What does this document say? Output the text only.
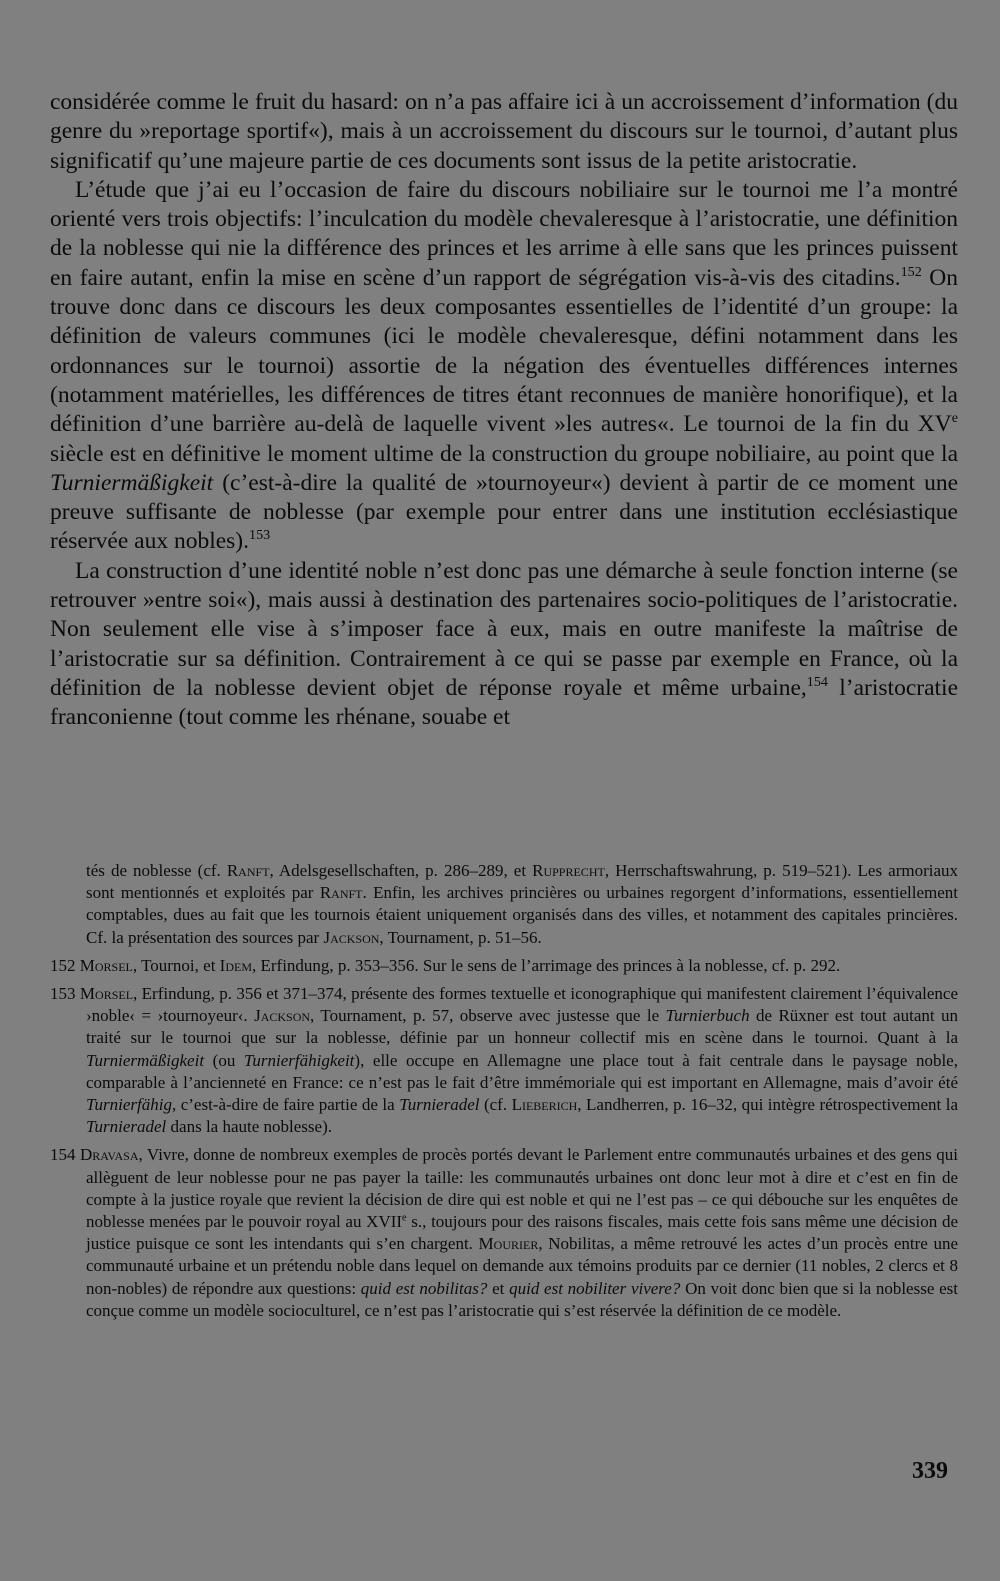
considérée comme le fruit du hasard: on n’a pas affaire ici à un accroissement d’information (du genre du »reportage sportif«), mais à un accroissement du discours sur le tournoi, d’autant plus significatif qu’une majeure partie de ces documents sont issus de la petite aristocratie.

L’étude que j’ai eu l’occasion de faire du discours nobiliaire sur le tournoi me l’a montré orienté vers trois objectifs: l’inculcation du modèle chevaleresque à l’aristocratie, une définition de la noblesse qui nie la différence des princes et les arrime à elle sans que les princes puissent en faire autant, enfin la mise en scène d’un rapport de ségrégation vis-à-vis des citadins.$^{152}$ On trouve donc dans ce discours les deux composantes essentielles de l’identité d’un groupe: la définition de valeurs communes (ici le modèle chevaleresque, défini notamment dans les ordonnances sur le tournoi) assortie de la négation des éventuelles différences internes (notamment matérielles, les différences de titres étant reconnues de manière honorifique), et la définition d’une barrière au-delà de laquelle vivent »les autres«. Le tournoi de la fin du XVe siècle est en définitive le moment ultime de la construction du groupe nobiliaire, au point que la Turniermäßigkeit (c’est-à-dire la qualité de »tournoyeur«) devient à partir de ce moment une preuve suffisante de noblesse (par exemple pour entrer dans une institution ecclésiastique réservée aux nobles).$^{153}$

La construction d’une identité noble n’est donc pas une démarche à seule fonction interne (se retrouver »entre soi«), mais aussi à destination des partenaires socio-politiques de l’aristocratie. Non seulement elle vise à s’imposer face à eux, mais en outre manifeste la maîtrise de l’aristocratie sur sa définition. Contrairement à ce qui se passe par exemple en France, où la définition de la noblesse devient objet de réponse royale et même urbaine,$^{154}$ l’aristocratie franconienne (tout comme les rhénane, souabe et

tés de noblesse (cf. Ranft, Adelsgesellschaften, p. 286–289, et Rupprecht, Herrschaftswahrung, p. 519–521). Les armoriaux sont mentionnés et exploités par Ranft. Enfin, les archives princières ou urbaines regorgent d’informations, essentiellement comptables, dues au fait que les tournois étaient uniquement organisés dans des villes, et notamment des capitales princières. Cf. la présentation des sources par Jackson, Tournament, p. 51–56.

152 Morsel, Tournoi, et Idem, Erfindung, p. 353–356. Sur le sens de l’arrimage des princes à la noblesse, cf. p. 292.

153 Morsel, Erfindung, p. 356 et 371–374, présente des formes textuelle et iconographique qui manifestent clairement l’équivalence ›noble‹ = ›tournoyeur‹. Jackson, Tournament, p. 57, observe avec justesse que le Turnierbuch de Rüxner est tout autant un traité sur le tournoi que sur la noblesse, définie par un honneur collectif mis en scène dans le tournoi. Quant à la Turniermäßigkeit (ou Turnierfähigkeit), elle occupe en Allemagne une place tout à fait centrale dans le paysage noble, comparable à l’ancienneté en France: ce n’est pas le fait d’être immémoriale qui est important en Allemagne, mais d’avoir été Turnierfähig, c’est-à-dire de faire partie de la Turnieradel (cf. Lieberich, Landherren, p. 16–32, qui intègre rétrospectivement la Turnieradel dans la haute noblesse).

154 Dravasa, Vivre, donne de nombreux exemples de procès portés devant le Parlement entre communautés urbaines et des gens qui allèguent de leur noblesse pour ne pas payer la taille: les communautés urbaines ont donc leur mot à dire et c’est en fin de compte à la justice royale que revient la décision de dire qui est noble et qui ne l’est pas – ce qui débouche sur les enquêtes de noblesse menées par le pouvoir royal au XVIIe s., toujours pour des raisons fiscales, mais cette fois sans même une décision de justice puisque ce sont les intendants qui s’en chargent. Mourier, Nobilitas, a même retrouvé les actes d’un procès entre une communauté urbaine et un prétendu noble dans lequel on demande aux témoins produits par ce dernier (11 nobles, 2 clercs et 8 non-nobles) de répondre aux questions: quid est nobilitas? et quid est nobiliter vivere? On voit donc bien que si la noblesse est conçue comme un modèle socioculturel, ce n’est pas l’aristocratie qui s’est réservée la définition de ce modèle.

339
